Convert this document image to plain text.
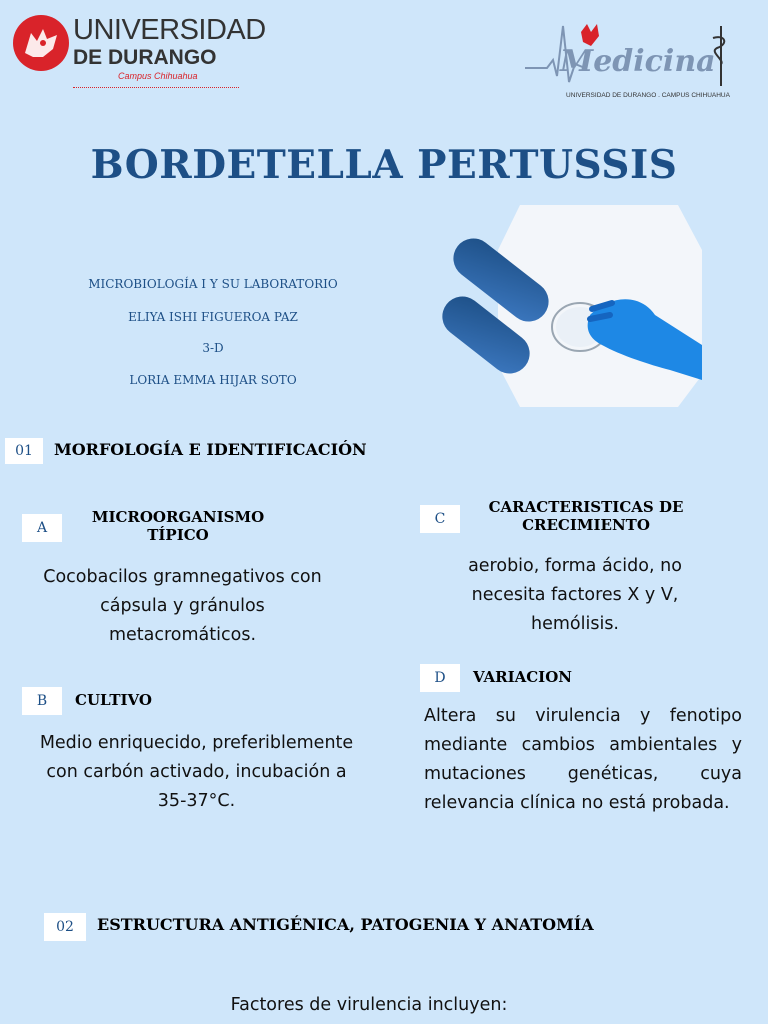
UNIVERSIDAD
DE DURANGO
Campus Chihuahua	Medicina
UNIVERSIDAD DE DURANGO . CAMPUS CHIHUAHUA
BORDETELLA PERTUSSIS
MICROBIOLOGÍA I Y SU LABORATORIO
ELIYA ISHI FIGUEROA PAZ
3-D
LORIA EMMA HIJAR SOTO
01	MORFOLOGÍA E IDENTIFICACIÓN
A
MICROORGANISMO
TÍPICO
Cocobacilos gramnegativos con cápsula y gránulos metacromáticos.
B	CULTIVO
Medio enriquecido, preferiblemente con carbón activado, incubación a 35-37°C.
C
CARACTERISTICAS DE
CRECIMIENTO
aerobio, forma ácido, no necesita factores X y V, hemólisis.
D	VARIACION
Altera su virulencia y fenotipo mediante cambios ambientales y mutaciones genéticas, cuya relevancia clínica no está probada.
02	ESTRUCTURA ANTIGÉNICA, PATOGENIA Y ANATOMÍA
Factores de virulencia incluyen:
